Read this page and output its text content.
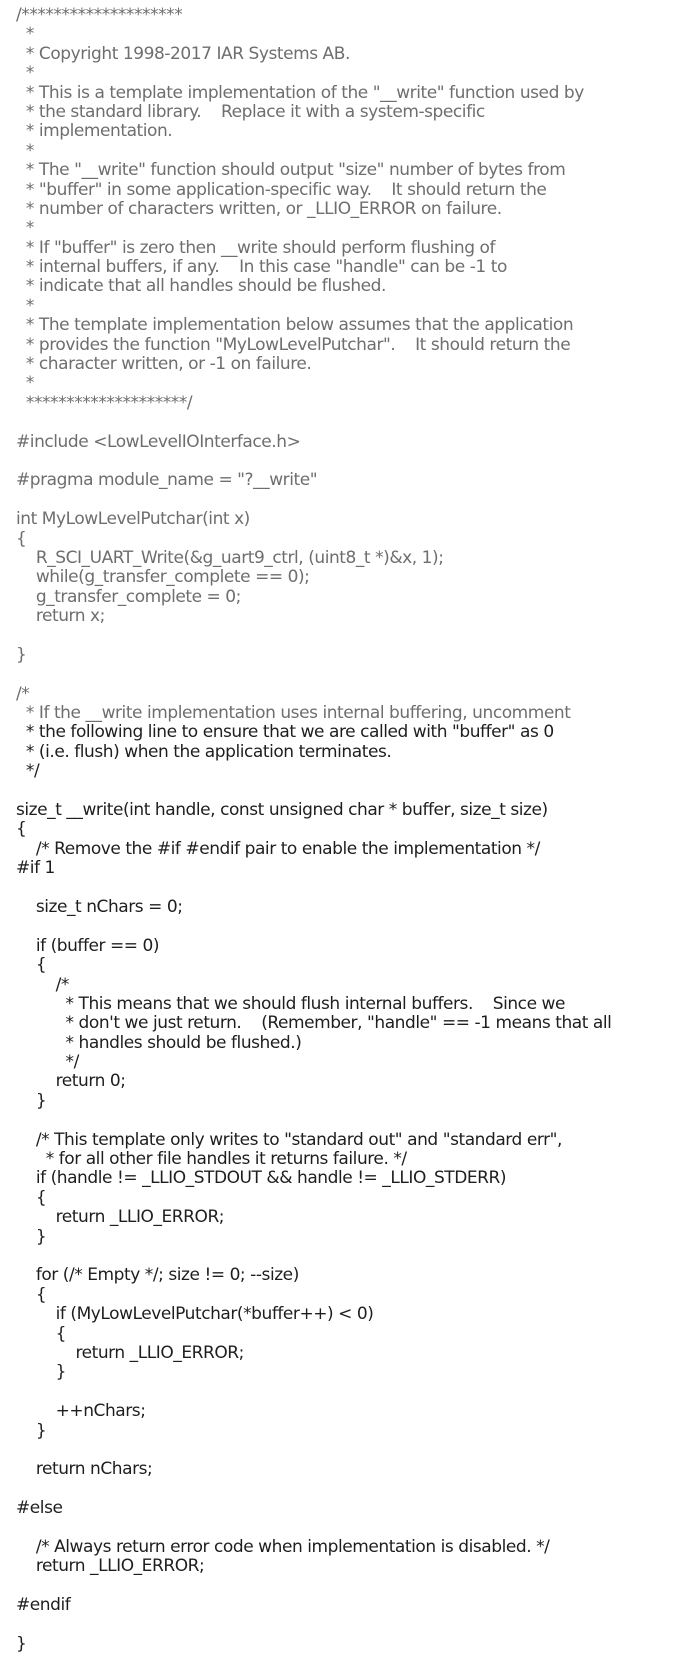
/********************
*
* Copyright 1998-2017 IAR Systems AB.
*
* This is a template implementation of the "__write" function used by
* the standard library.    Replace it with a system-specific
* implementation.
*
* The "__write" function should output "size" number of bytes from
* "buffer" in some application-specific way.    It should return the
* number of characters written, or _LLIO_ERROR on failure.
*
* If "buffer" is zero then __write should perform flushing of
* internal buffers, if any.    In this case "handle" can be -1 to
* indicate that all handles should be flushed.
*
* The template implementation below assumes that the application
* provides the function "MyLowLevelPutchar".    It should return the
* character written, or -1 on failure.
*
********************/
#include <LowLevelIOInterface.h>
#pragma module_name = "?__write"
int MyLowLevelPutchar(int x)
{
R_SCI_UART_Write(&g_uart9_ctrl, (uint8_t *)&x, 1);
while(g_transfer_complete == 0);
g_transfer_complete = 0;
return x;
}
/*
* If the __write implementation uses internal buffering, uncomment
* the following line to ensure that we are called with "buffer" as 0
* (i.e. flush) when the application terminates.
*/
size_t __write(int handle, const unsigned char * buffer, size_t size)
{
/* Remove the #if #endif pair to enable the implementation */
#if 1
size_t nChars = 0;
if (buffer == 0)
{
/*
* This means that we should flush internal buffers.    Since we
* don't we just return.    (Remember, "handle" == -1 means that all
* handles should be flushed.)
*/
return 0;
}
/* This template only writes to "standard out" and "standard err",
* for all other file handles it returns failure. */
if (handle != _LLIO_STDOUT && handle != _LLIO_STDERR)
{
return _LLIO_ERROR;
}
for (/* Empty */; size != 0; --size)
{
if (MyLowLevelPutchar(*buffer++) < 0)
{
return _LLIO_ERROR;
}
++nChars;
}
return nChars;
#else
/* Always return error code when implementation is disabled. */
return _LLIO_ERROR;
#endif
}
